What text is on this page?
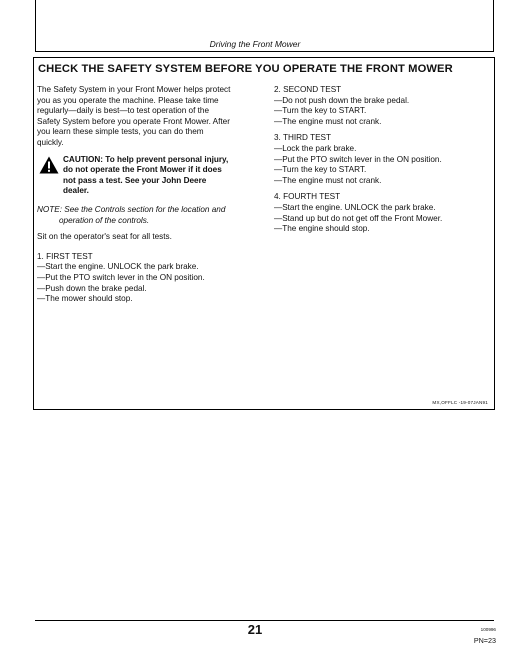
Driving the Front Mower
CHECK THE SAFETY SYSTEM BEFORE YOU OPERATE THE FRONT MOWER
The Safety System in your Front Mower helps protect
you as you operate the machine. Please take time
regularly—daily is best—to test operation of the
Safety System before you operate Front Mower. After
you learn these simple tests, you can do them
quickly.
CAUTION: To help prevent personal injury,
do not operate the Front Mower if it does
not pass a test. See your John Deere
dealer.
NOTE: See the Controls section for the location and
operation of the controls.
Sit on the operator's seat for all tests.
1. FIRST TEST
—Start the engine. UNLOCK the park brake.
—Put the PTO switch lever in the ON position.
—Push down the brake pedal.
—The mower should stop.
2. SECOND TEST
—Do not push down the brake pedal.
—Turn the key to START.
—The engine must not crank.
3. THIRD TEST
—Lock the park brake.
—Put the PTO switch lever in the ON position.
—Turn the key to START.
—The engine must not crank.
4. FOURTH TEST
—Start the engine. UNLOCK the park brake.
—Stand up but do not get off the Front Mower.
—The engine should stop.
MX,OFFLC -19-07JAN91
21	100996
PN=23
